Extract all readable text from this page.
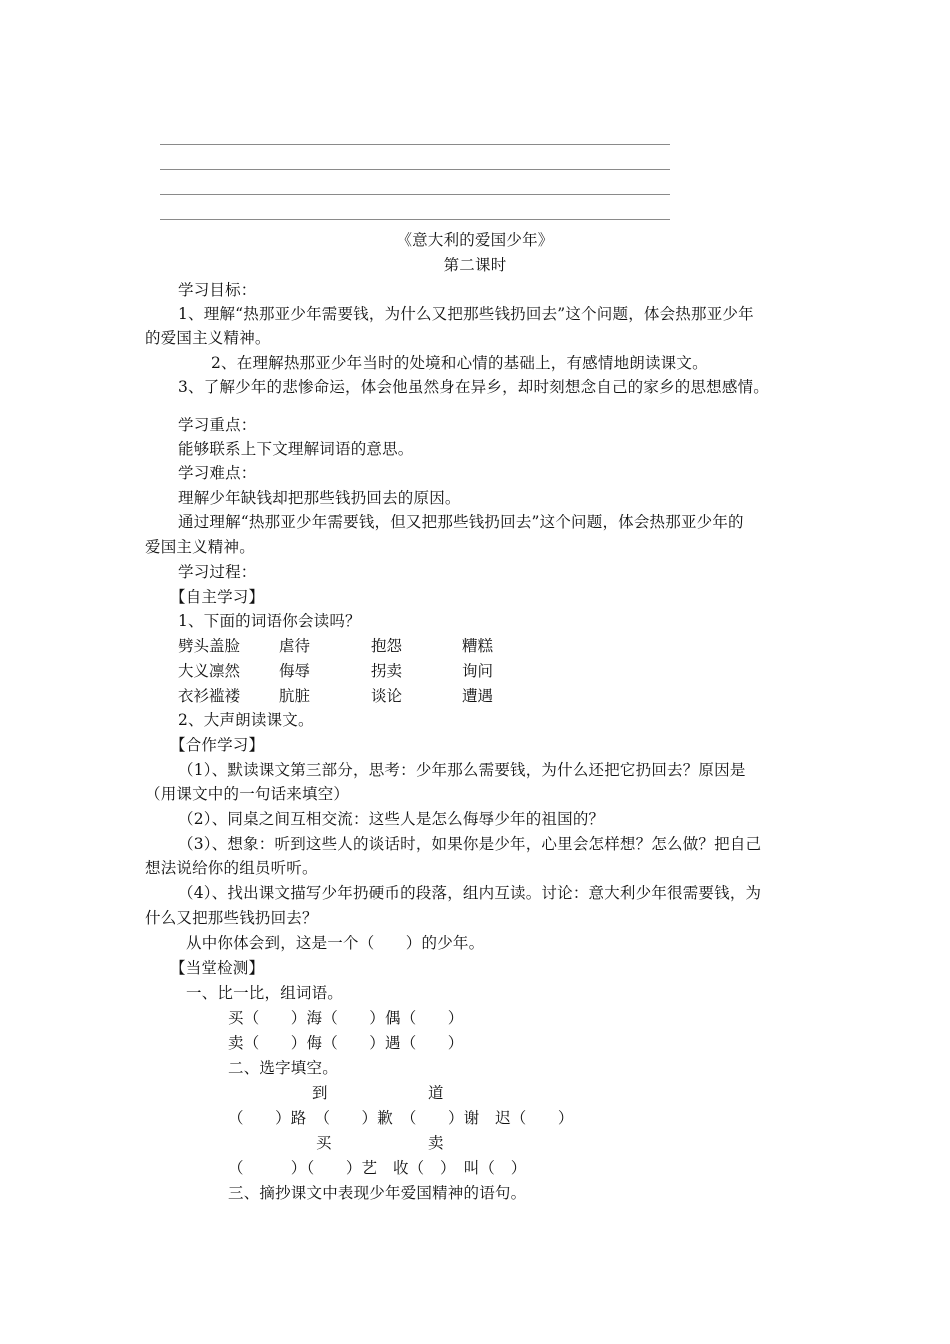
《意大利的爱国少年》
第二课时
学习目标：
1、理解“热那亚少年需要钱，为什么又把那些钱扔回去”这个问题，体会热那亚少年
的爱国主义精神。
2、在理解热那亚少年当时的处境和心情的基础上，有感情地朗读课文。
3、了解少年的悲惨命运，体会他虽然身在异乡，却时刻想念自己的家乡的思想感情。
学习重点：
能够联系上下文理解词语的意思。
学习难点：
理解少年缺钱却把那些钱扔回去的原因。
通过理解“热那亚少年需要钱，但又把那些钱扔回去”这个问题，体会热那亚少年的
爱国主义精神。
学习过程：
【自主学习】
1、下面的词语你会读吗？
劈头盖脸	虐待	抱怨	糟糕
大义凛然	侮辱	拐卖	询问
衣衫褴褛	肮脏	谈论	遭遇
2、大声朗读课文。
【合作学习】
（1）、默读课文第三部分，思考：少年那么需要钱，为什么还把它扔回去？原因是
（用课文中的一句话来填空）
（2）、同桌之间互相交流：这些人是怎么侮辱少年的祖国的？
（3）、想象：听到这些人的谈话时，如果你是少年，心里会怎样想？怎么做？把自己
想法说给你的组员听听。
（4）、找出课文描写少年扔硬币的段落，组内互读。讨论：意大利少年很需要钱，为
什么又把那些钱扔回去？
从中你体会到，这是一个（　　）的少年。
【当堂检测】
一、比一比，组词语。
买（　　）海（　　）偶（　　）
卖（　　）侮（　　）遇（　　）
二、选字填空。
到	道
（　　）路　（　　）歉　（　　）谢　迟（　　）
买	卖
（　　　）（　　）艺　收（　）　叫（　）
三、摘抄课文中表现少年爱国精神的语句。
